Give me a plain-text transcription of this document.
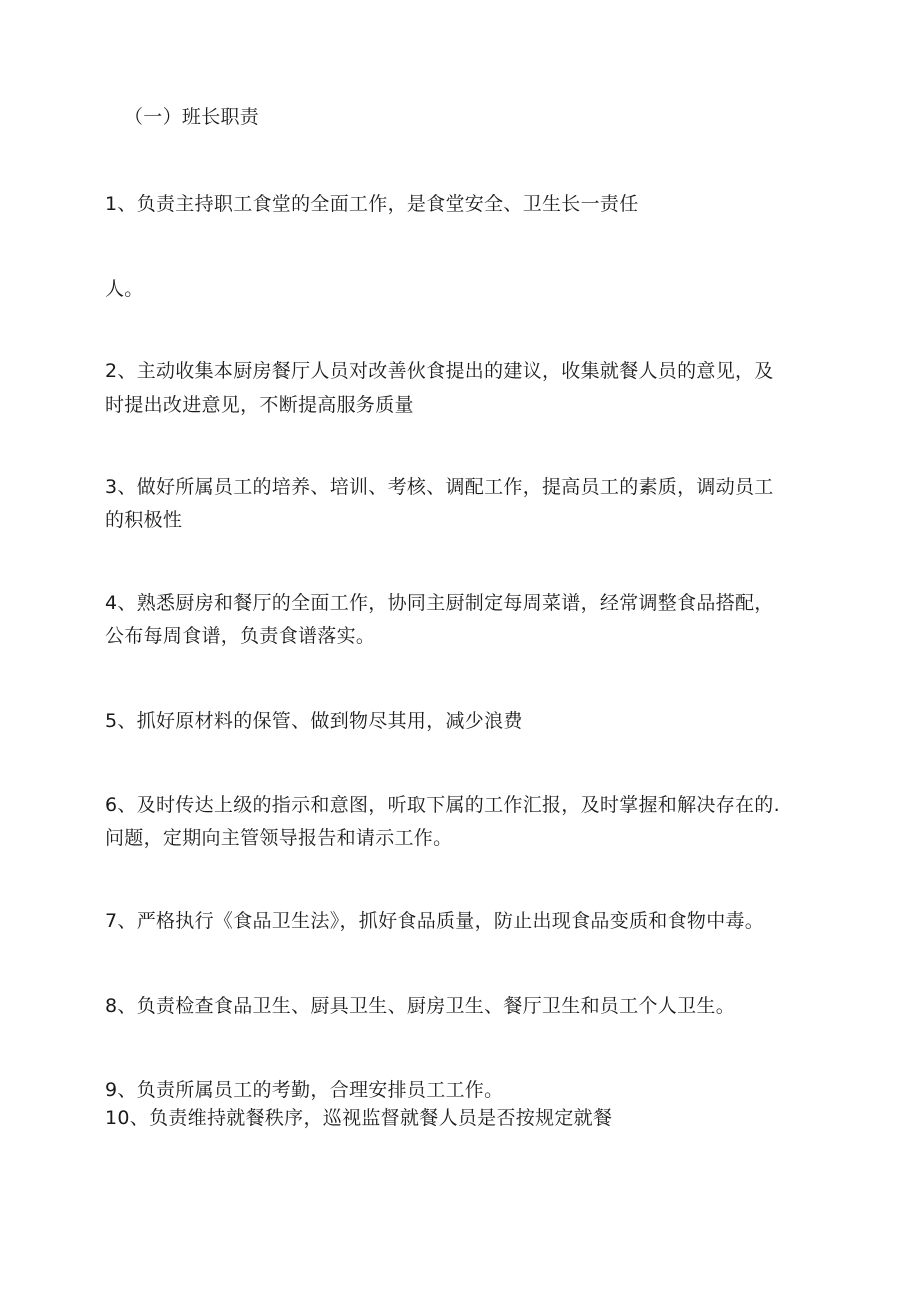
（一）班长职责
1、负责主持职工食堂的全面工作，是食堂安全、卫生长一责任
人。
2、主动收集本厨房餐厅人员对改善伙食提出的建议，收集就餐人员的意见，及
时提出改进意见，不断提高服务质量
3、做好所属员工的培养、培训、考核、调配工作，提高员工的素质，调动员工
的积极性
4、熟悉厨房和餐厅的全面工作，协同主厨制定每周菜谱，经常调整食品搭配，
公布每周食谱，负责食谱落实。
5、抓好原材料的保管、做到物尽其用，减少浪费
6、及时传达上级的指示和意图，听取下属的工作汇报，及时掌握和解决存在的.
问题，定期向主管领导报告和请示工作。
7、严格执行《食品卫生法》，抓好食品质量，防止出现食品变质和食物中毒。
8、负责检查食品卫生、厨具卫生、厨房卫生、餐厅卫生和员工个人卫生。
9、负责所属员工的考勤，合理安排员工工作。
10、负责维持就餐秩序，巡视监督就餐人员是否按规定就餐
